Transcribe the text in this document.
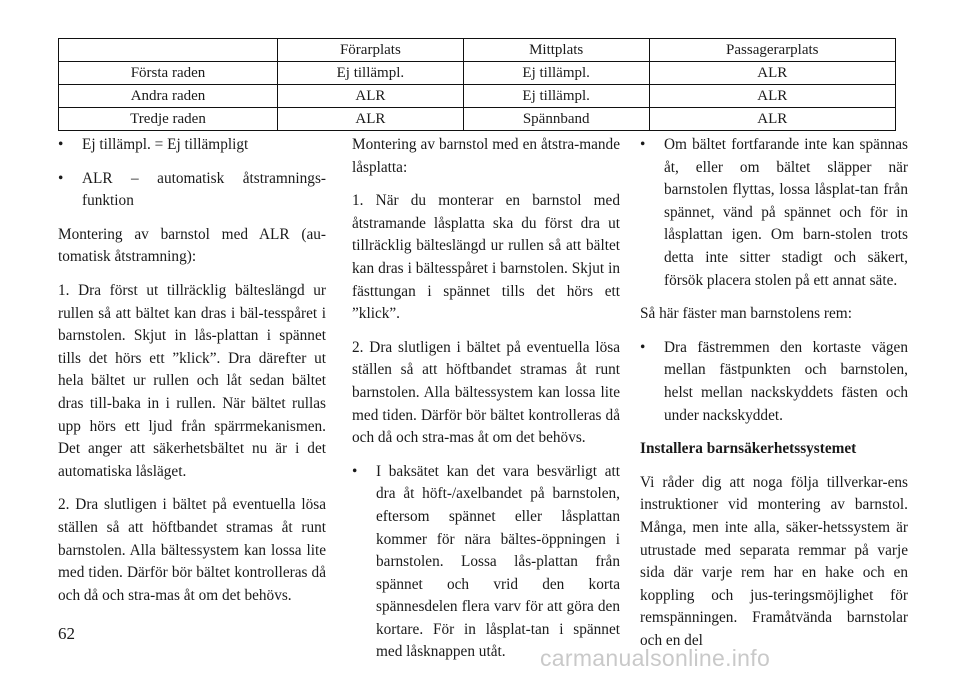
	Förarplats	Mittplats	Passagerarplats
Första raden	Ej tillämpl.	Ej tillämpl.	ALR
Andra raden	ALR	Ej tillämpl.	ALR
Tredje raden	ALR	Spännband	ALR
•	Ej tillämpl. = Ej tillämpligt
•	ALR – automatisk åtstramnings-funktion

Montering av barnstol med ALR (au-tomatisk åtstramning):

1. Dra först ut tillräcklig bälteslängd ur rullen så att bältet kan dras i bäl-tesspåret i barnstolen. Skjut in lås-plattan i spännet tills det hörs ett ”klick”. Dra därefter ut hela bältet ur rullen och låt sedan bältet dras till-baka in i rullen. När bältet rullas upp hörs ett ljud från spärrmekanismen. Det anger att säkerhetsbältet nu är i det automatiska låsläget.

2. Dra slutligen i bältet på eventuella lösa ställen så att höftbandet stramas åt runt barnstolen. Alla bältessystem kan lossa lite med tiden. Därför bör bältet kontrolleras då och då och stra-mas åt om det behövs.

Montering av barnstol med en åtstra-mande låsplatta:

1. När du monterar en barnstol med åtstramande låsplatta ska du först dra ut tillräcklig bälteslängd ur rullen så att bältet kan dras i bältesspåret i barnstolen. Skjut in fästtungan i spännet tills det hörs ett ”klick”.

2. Dra slutligen i bältet på eventuella lösa ställen så att höftbandet stramas åt runt barnstolen. Alla bältessystem kan lossa lite med tiden. Därför bör bältet kontrolleras då och då och stra-mas åt om det behövs.

•	I baksätet kan det vara besvärligt att dra åt höft-/axelbandet på barnstolen, eftersom spännet eller låsplattan kommer för nära bältes-öppningen i barnstolen. Lossa lås-plattan från spännet och vrid den korta spännesdelen flera varv för att göra den kortare. För in låsplat-tan i spännet med låsknappen utåt.
•	Om bältet fortfarande inte kan spännas åt, eller om bältet släpper när barnstolen flyttas, lossa låsplat-tan från spännet, vänd på spännet och för in låsplattan igen. Om barn-stolen trots detta inte sitter stadigt och säkert, försök placera stolen på ett annat säte.

Så här fäster man barnstolens rem:

•	Dra fästremmen den kortaste vägen mellan fästpunkten och barnstolen, helst mellan nackskyddets fästen och under nackskyddet.

Installera barnsäkerhetssystemet

Vi råder dig att noga följa tillverkar-ens instruktioner vid montering av barnstol. Många, men inte alla, säker-hetssystem är utrustade med separata remmar på varje sida där varje rem har en hake och en koppling och jus-teringsmöjlighet för remspänningen. Framåtvända barnstolar och en del

62
carmanualsonline.info
